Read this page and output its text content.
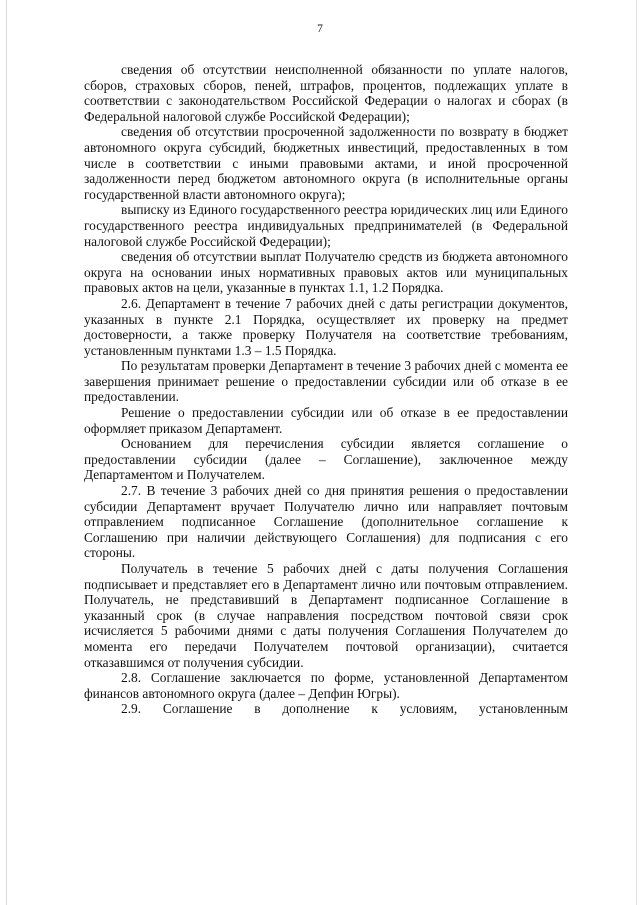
7

сведения об отсутствии неисполненной обязанности по уплате налогов, сборов, страховых сборов, пеней, штрафов, процентов, подлежащих уплате в соответствии с законодательством Российской Федерации о налогах и сборах (в Федеральной налоговой службе Российской Федерации);

сведения об отсутствии просроченной задолженности по возврату в бюджет автономного округа субсидий, бюджетных инвестиций, предоставленных в том числе в соответствии с иными правовыми актами, и иной просроченной задолженности перед бюджетом автономного округа (в исполнительные органы государственной власти автономного округа);

выписку из Единого государственного реестра юридических лиц или Единого государственного реестра индивидуальных предпринимателей (в Федеральной налоговой службе Российской Федерации);

сведения об отсутствии выплат Получателю средств из бюджета автономного округа на основании иных нормативных правовых актов или муниципальных правовых актов на цели, указанные в пунктах 1.1, 1.2 Порядка.

2.6. Департамент в течение 7 рабочих дней с даты регистрации документов, указанных в пункте 2.1 Порядка, осуществляет их проверку на предмет достоверности, а также проверку Получателя на соответствие требованиям, установленным пунктами 1.3 – 1.5 Порядка.

По результатам проверки Департамент в течение 3 рабочих дней с момента ее завершения принимает решение о предоставлении субсидии или об отказе в ее предоставлении.

Решение о предоставлении субсидии или об отказе в ее предоставлении оформляет приказом Департамент.

Основанием для перечисления субсидии является соглашение о предоставлении субсидии (далее – Соглашение), заключенное между Департаментом и Получателем.

2.7. В течение 3 рабочих дней со дня принятия решения о предоставлении субсидии Департамент вручает Получателю лично или направляет почтовым отправлением подписанное Соглашение (дополнительное соглашение к Соглашению при наличии действующего Соглашения) для подписания с его стороны.

Получатель в течение 5 рабочих дней с даты получения Соглашения подписывает и представляет его в Департамент лично или почтовым отправлением. Получатель, не представивший в Департамент подписанное Соглашение в указанный срок (в случае направления посредством почтовой связи срок исчисляется 5 рабочими днями с даты получения Соглашения Получателем до момента его передачи Получателем почтовой организации), считается отказавшимся от получения субсидии.

2.8. Соглашение заключается по форме, установленной Департаментом финансов автономного округа (далее – Депфин Югры).

2.9. Соглашение в дополнение к условиям, установленным
